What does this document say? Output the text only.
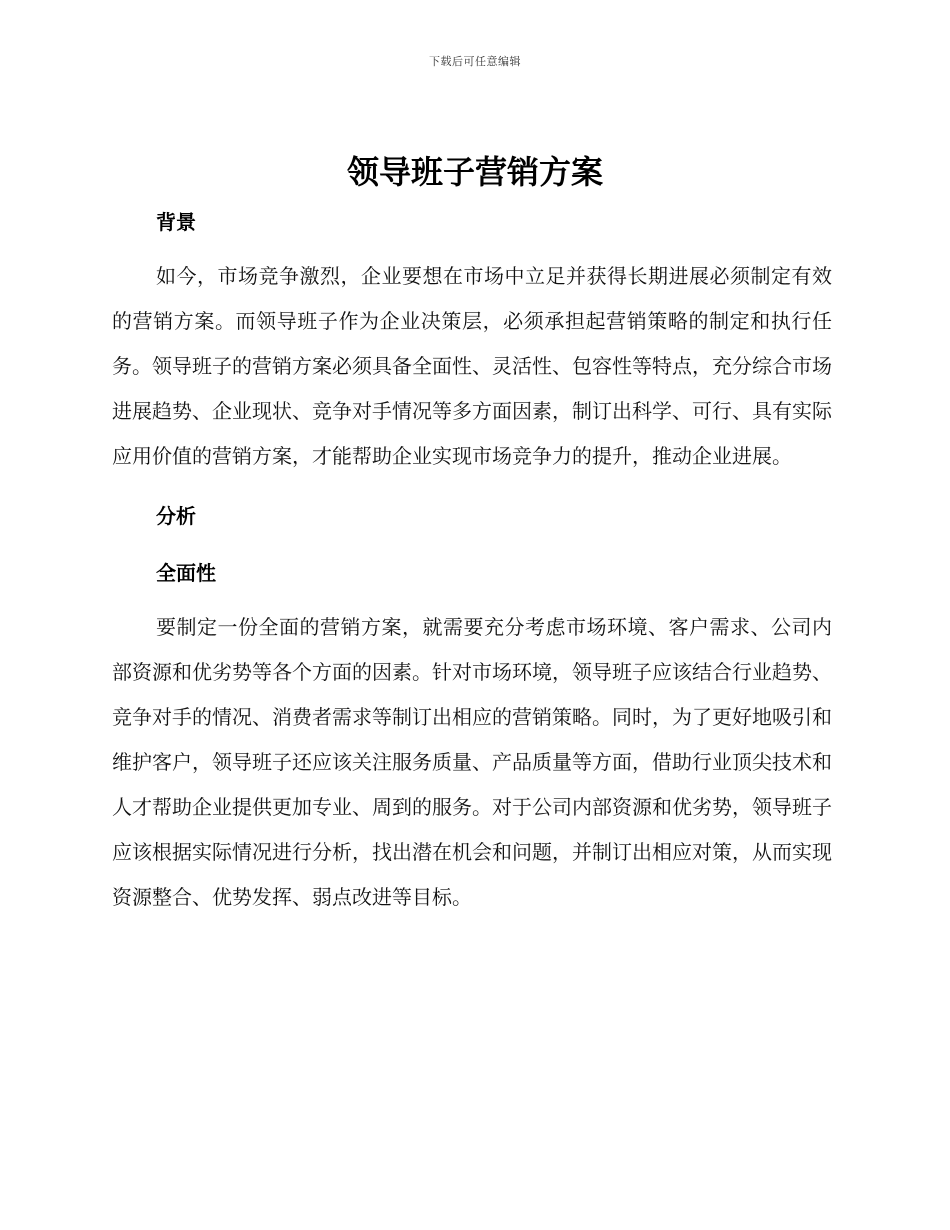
下载后可任意编辑
领导班子营销方案
背景

如今，市场竞争激烈，企业要想在市场中立足并获得长期进展必须制定有效的营销方案。而领导班子作为企业决策层，必须承担起营销策略的制定和执行任务。领导班子的营销方案必须具备全面性、灵活性、包容性等特点，充分综合市场进展趋势、企业现状、竞争对手情况等多方面因素，制订出科学、可行、具有实际应用价值的营销方案，才能帮助企业实现市场竞争力的提升，推动企业进展。

分析
全面性

要制定一份全面的营销方案，就需要充分考虑市场环境、客户需求、公司内部资源和优劣势等各个方面的因素。针对市场环境，领导班子应该结合行业趋势、竞争对手的情况、消费者需求等制订出相应的营销策略。同时，为了更好地吸引和维护客户，领导班子还应该关注服务质量、产品质量等方面，借助行业顶尖技术和人才帮助企业提供更加专业、周到的服务。对于公司内部资源和优劣势，领导班子应该根据实际情况进行分析，找出潜在机会和问题，并制订出相应对策，从而实现资源整合、优势发挥、弱点改进等目标。
